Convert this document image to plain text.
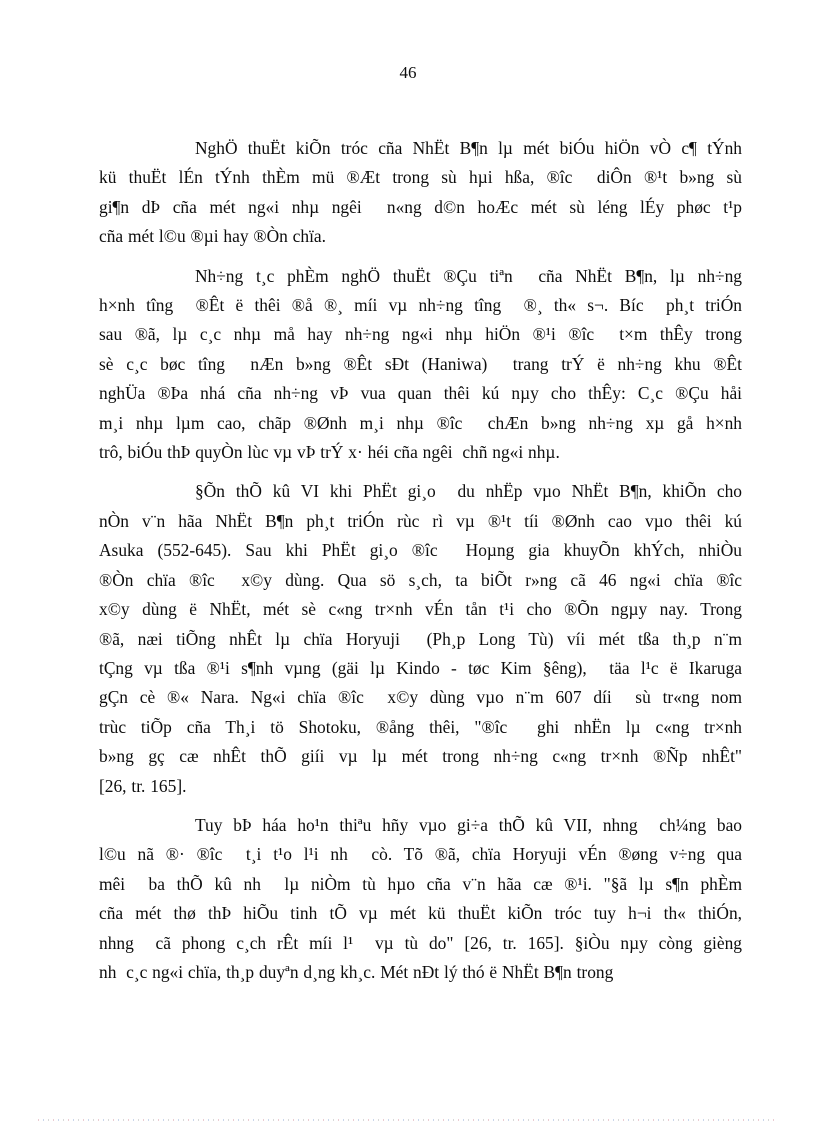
46
NghÖ thuËt kiÕn tróc cña NhËt B¶n lµ mét biÓu hiÖn vÒ c¶ tÝnh
kü thuËt lÉn tÝnh thÈm mü ®Æt trong sù hµi hßa, ®îc  diÔn ®¹t b»ng sù
gi¶n dÞ cña mét ng«i nhµ ngêi  n«ng d©n hoÆc mét sù léng lÉy phøc t¹p
cña mét l©u ®µi hay ®Òn chïa.
Nh÷ng t¸c phÈm nghÖ thuËt ®Çu tiªn  cña NhËt B¶n, lµ nh÷ng
h×nh tîng  ®Êt ë thêi ®å ®¸ míi vµ nh÷ng tîng  ®¸ th« s¬. Bíc  ph¸t triÓn
sau ®ã, lµ c¸c nhµ må hay nh÷ng ng«i nhµ hiÖn ®¹i ®îc  t×m thÊy trong
sè c¸c bøc tîng  nÆn b»ng ®Êt sÐt (Haniwa)  trang trÝ ë nh÷ng khu ®Êt
nghÜa ®Þa nhá cña nh÷ng vÞ vua quan thêi kú nµy cho thÊy: C¸c ®Çu håi
m¸i nhµ lµm cao, chãp ®Ønh m¸i nhµ ®îc  chÆn b»ng nh÷ng xµ gå h×nh
trô, biÓu thÞ quyÒn lùc vµ vÞ trÝ x· héi cña ngêi  chñ ng«i nhµ.
§Õn thÕ kû VI khi PhËt gi¸o  du nhËp vµo NhËt B¶n, khiÕn cho
nÒn v¨n hãa NhËt B¶n ph¸t triÓn rùc rì vµ ®¹t tíi ®Ønh cao vµo thêi kú
Asuka (552-645). Sau khi PhËt gi¸o ®îc  Hoµng gia khuyÕn khÝch, nhiÒu
®Òn chïa ®îc  x©y dùng. Qua sö s¸ch, ta biÕt r»ng cã 46 ng«i chïa ®îc
x©y dùng ë NhËt, mét sè c«ng tr×nh vÉn tån t¹i cho ®Õn ngµy nay. Trong
®ã, næi tiÕng nhÊt lµ chïa Horyuji  (Ph¸p Long Tù) víi mét tßa th¸p n¨m
tÇng vµ tßa ®¹i s¶nh vµng (gäi lµ Kindo - tøc Kim §êng),  täa l¹c ë Ikaruga
gÇn cè ®« Nara. Ng«i chïa ®îc  x©y dùng vµo n¨m 607 díi  sù tr«ng nom
trùc tiÕp cña Th¸i tö Shotoku, ®ång thêi, "®îc  ghi nhËn lµ c«ng tr×nh
b»ng gç cæ nhÊt thÕ giíi vµ lµ mét trong nh÷ng c«ng tr×nh ®Ñp nhÊt"
[26, tr. 165].
Tuy bÞ háa ho¹n thiªu hñy vµo gi÷a thÕ kû VII, nhng  ch¼ng bao
l©u nã ®· ®îc  t¸i t¹o l¹i nh  cò. Tõ ®ã, chïa Horyuji vÉn ®øng v÷ng qua
mêi  ba thÕ kû nh  lµ niÒm tù hµo cña v¨n hãa cæ ®¹i. "§ã lµ s¶n phÈm
cña mét thø thÞ hiÕu tinh tÕ vµ mét kü thuËt kiÕn tróc tuy h¬i th« thiÓn,
nhng  cã phong c¸ch rÊt míi l¹  vµ tù do" [26, tr. 165]. §iÒu nµy còng gièng
nh  c¸c ng«i chïa, th¸p duyªn d¸ng kh¸c. Mét nÐt lý thó ë NhËt B¶n trong
